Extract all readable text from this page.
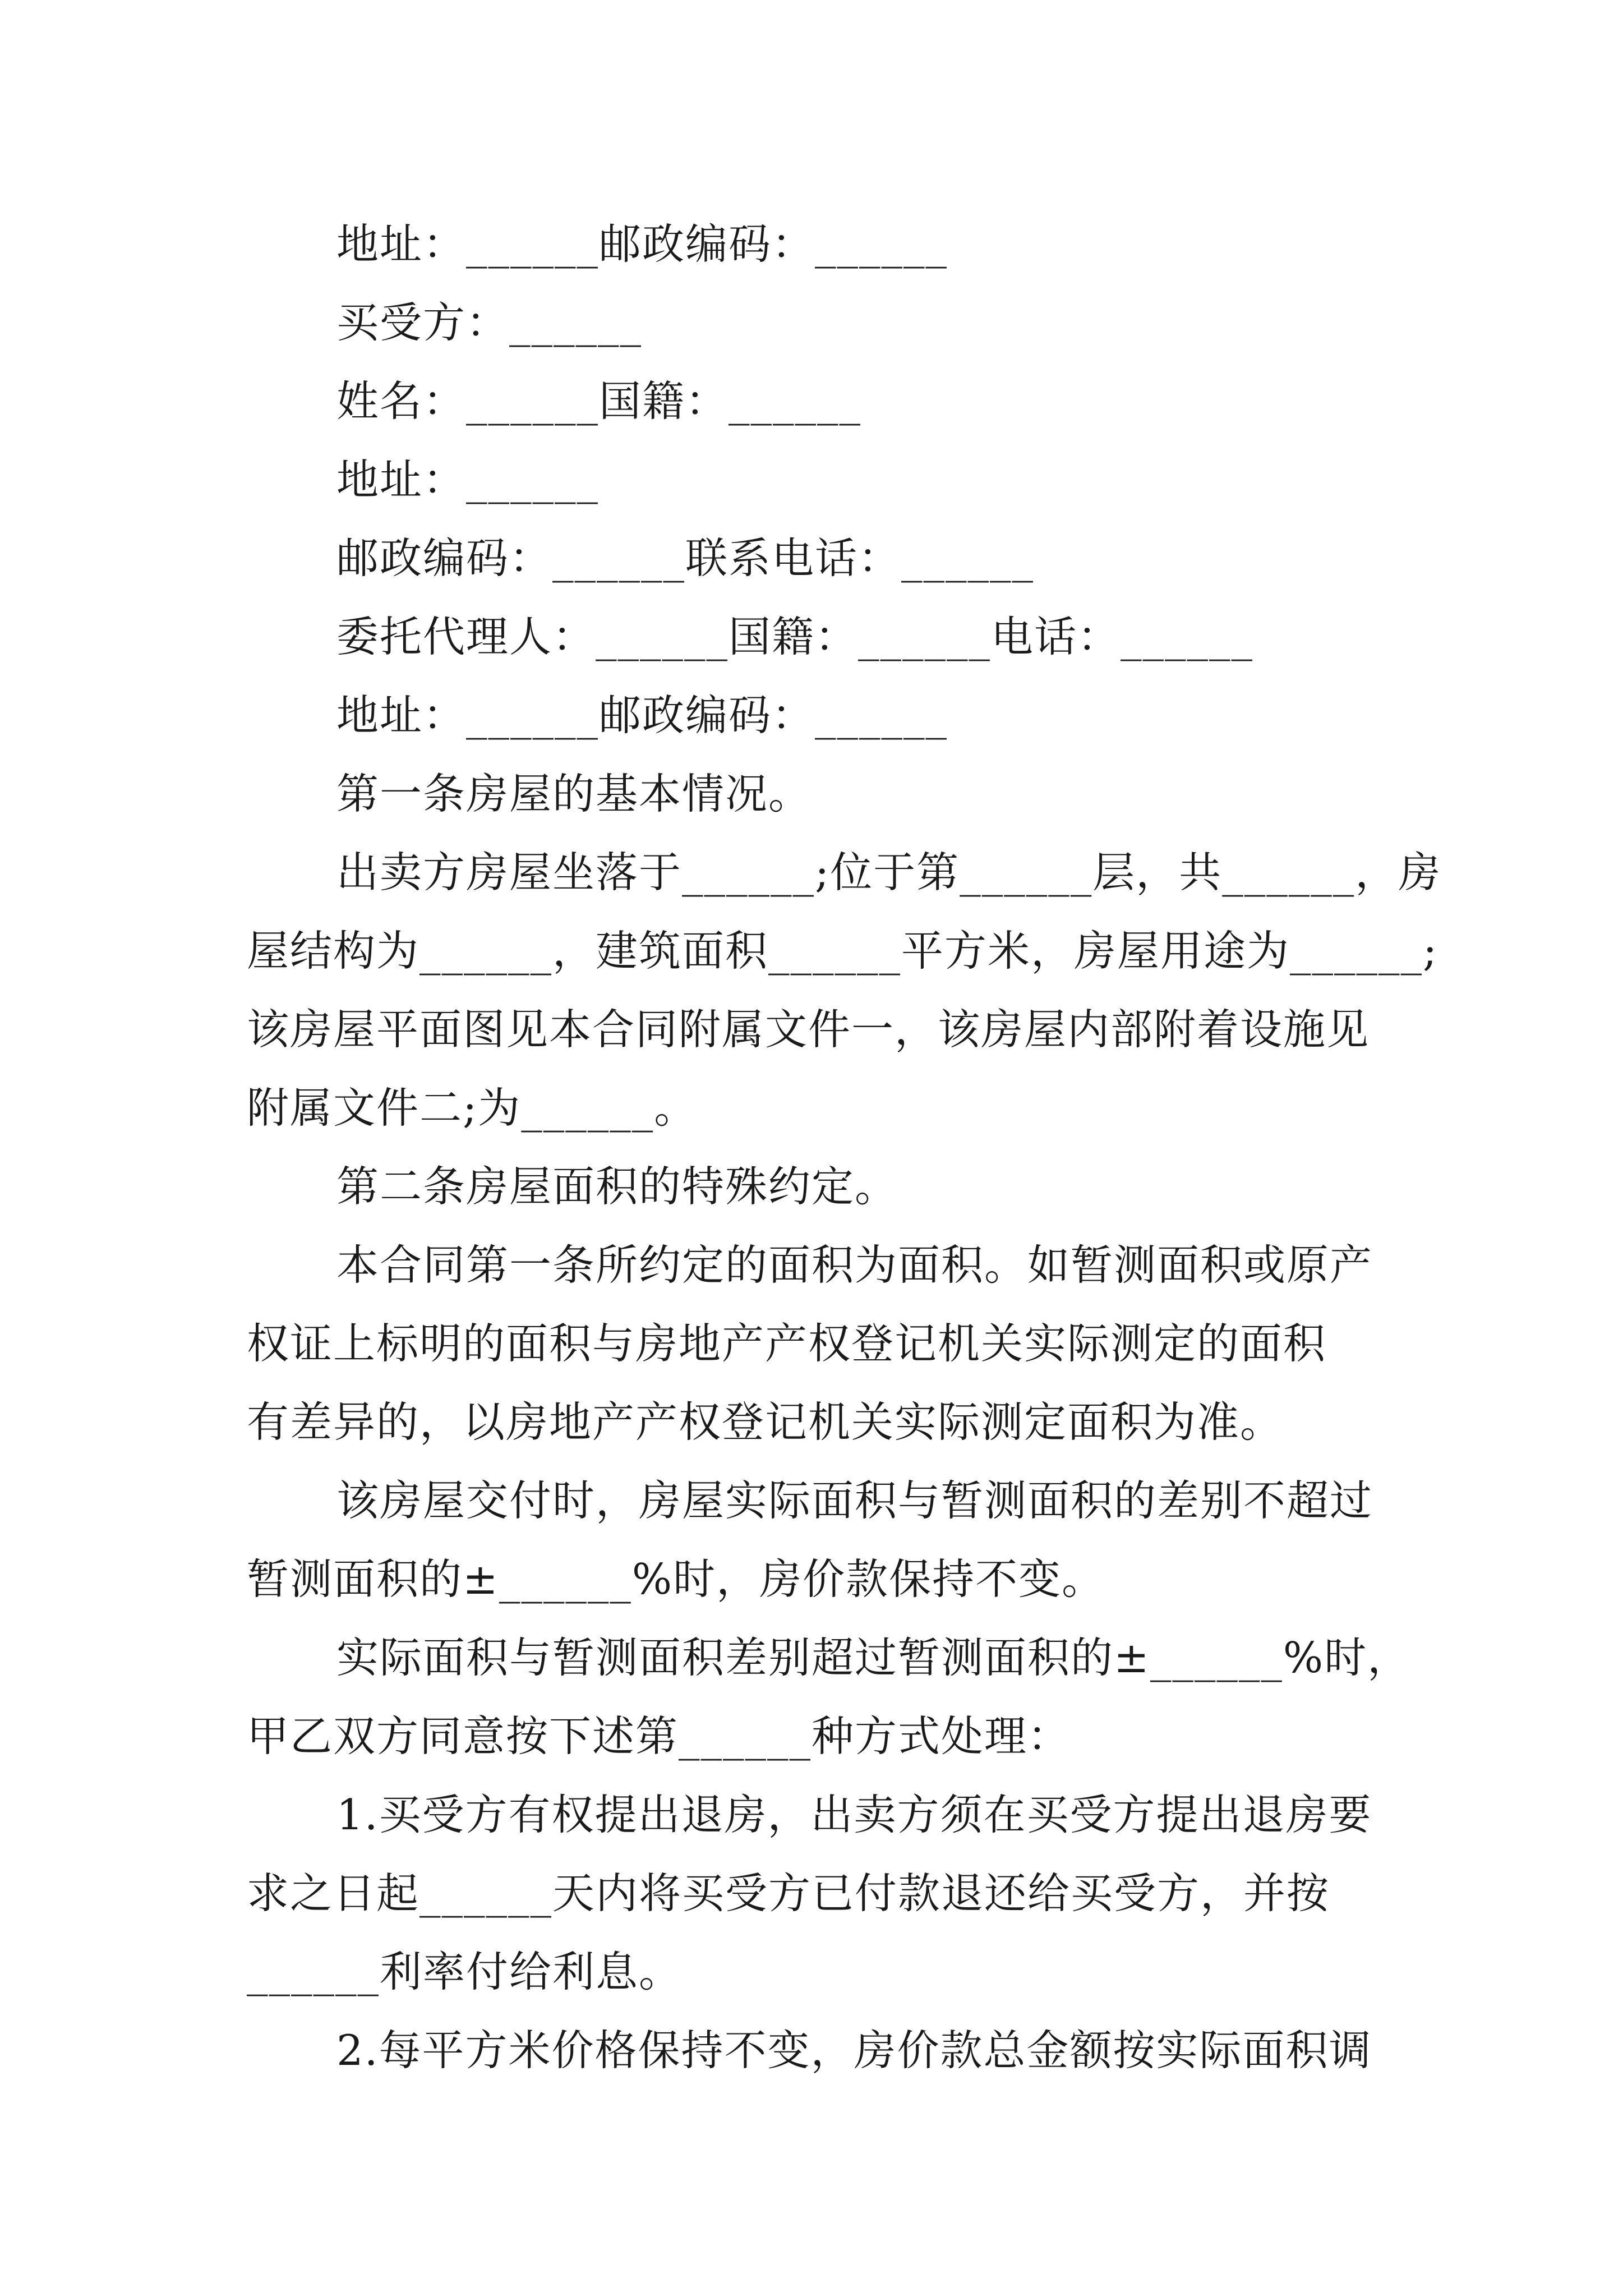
地址：______邮政编码：______
买受方：______
姓名：______国籍：______
地址：______
邮政编码：______联系电话：______
委托代理人：______国籍：______电话：______
地址：______邮政编码：______
第一条房屋的基本情况。
出卖方房屋坐落于______;位于第______层，共______，房
屋结构为______，建筑面积______平方米，房屋用途为______;
该房屋平面图见本合同附属文件一，该房屋内部附着设施见
附属文件二;为______。
第二条房屋面积的特殊约定。
本合同第一条所约定的面积为面积。如暂测面积或原产
权证上标明的面积与房地产产权登记机关实际测定的面积
有差异的，以房地产产权登记机关实际测定面积为准。
该房屋交付时，房屋实际面积与暂测面积的差别不超过
暂测面积的±______%时，房价款保持不变。
实际面积与暂测面积差别超过暂测面积的±______%时，
甲乙双方同意按下述第______种方式处理：
1.买受方有权提出退房，出卖方须在买受方提出退房要
求之日起______天内将买受方已付款退还给买受方，并按
______利率付给利息。
2.每平方米价格保持不变，房价款总金额按实际面积调
